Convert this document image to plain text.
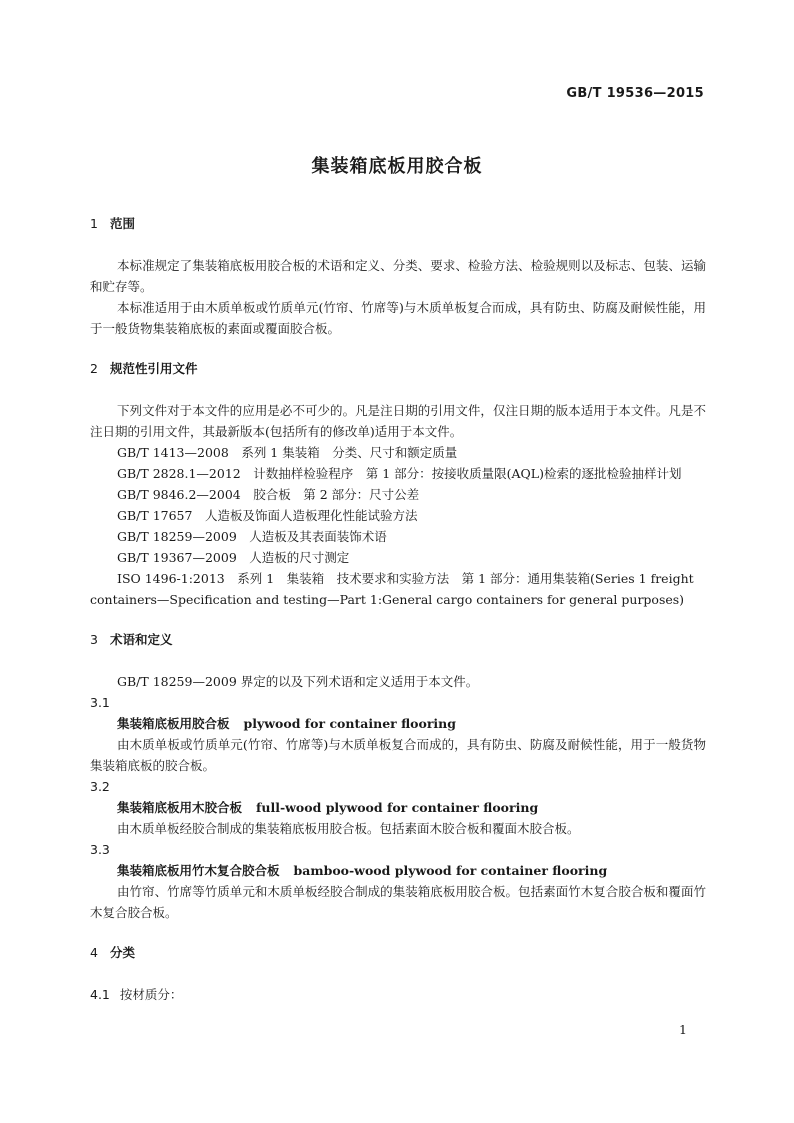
GB/T 19536—2015
集装箱底板用胶合板

1 范围

本标准规定了集装箱底板用胶合板的术语和定义、分类、要求、检验方法、检验规则以及标志、包装、运输和贮存等。

本标准适用于由木质单板或竹质单元(竹帘、竹席等)与木质单板复合而成，具有防虫、防腐及耐候性能，用于一般货物集装箱底板的素面或覆面胶合板。

2 规范性引用文件

下列文件对于本文件的应用是必不可少的。凡是注日期的引用文件，仅注日期的版本适用于本文件。凡是不注日期的引用文件，其最新版本(包括所有的修改单)适用于本文件。

GB/T 1413—2008　系列 1 集装箱　分类、尺寸和额定质量

GB/T 2828.1—2012　计数抽样检验程序　第 1 部分：按接收质量限(AQL)检索的逐批检验抽样计划

GB/T 9846.2—2004　胶合板　第 2 部分：尺寸公差

GB/T 17657　人造板及饰面人造板理化性能试验方法

GB/T 18259—2009　人造板及其表面装饰术语

GB/T 19367—2009　人造板的尺寸测定

ISO 1496-1:2013　系列 1　集装箱　技术要求和实验方法　第 1 部分：通用集装箱(Series 1 freight containers—Specification and testing—Part 1:General cargo containers for general purposes)

3 术语和定义

GB/T 18259—2009 界定的以及下列术语和定义适用于本文件。

3.1

集装箱底板用胶合板 plywood for container flooring

由木质单板或竹质单元(竹帘、竹席等)与木质单板复合而成的，具有防虫、防腐及耐候性能，用于一般货物集装箱底板的胶合板。

3.2

集装箱底板用木胶合板 full-wood plywood for container flooring

由木质单板经胶合制成的集装箱底板用胶合板。包括素面木胶合板和覆面木胶合板。

3.3

集装箱底板用竹木复合胶合板 bamboo-wood plywood for container flooring

由竹帘、竹席等竹质单元和木质单板经胶合制成的集装箱底板用胶合板。包括素面竹木复合胶合板和覆面竹木复合胶合板。

4 分类

4.1 按材质分：

1
